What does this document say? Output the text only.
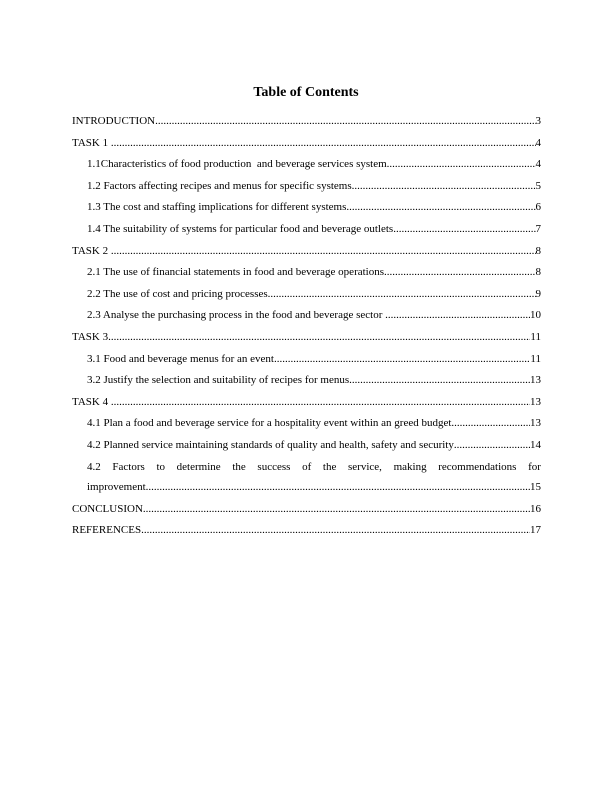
Table of Contents
INTRODUCTION .....	3
TASK 1 .....	4
1.1Characteristics of food production  and beverage services system .....	4
1.2 Factors affecting recipes and menus for specific systems .....	5
1.3 The cost and staffing implications for different systems .....	6
1.4 The suitability of systems for particular food and beverage outlets .....	7
TASK 2 .....	8
2.1 The use of financial statements in food and beverage operations .....	8
2.2 The use of cost and pricing processes .....	9
2.3 Analyse the purchasing process in the food and beverage sector .....	10
TASK 3 .....	11
3.1 Food and beverage menus for an event .....	11
3.2 Justify the selection and suitability of recipes for menus .....	13
TASK 4 .....	13
4.1 Plan a food and beverage service for a hospitality event within an greed budget .....	13
4.2 Planned service maintaining standards of quality and health, safety and security .....	14
4.2 Factors to determine the success of the service, making recommendations for
improvement .....	15
CONCLUSION .....	16
REFERENCES .....	17
